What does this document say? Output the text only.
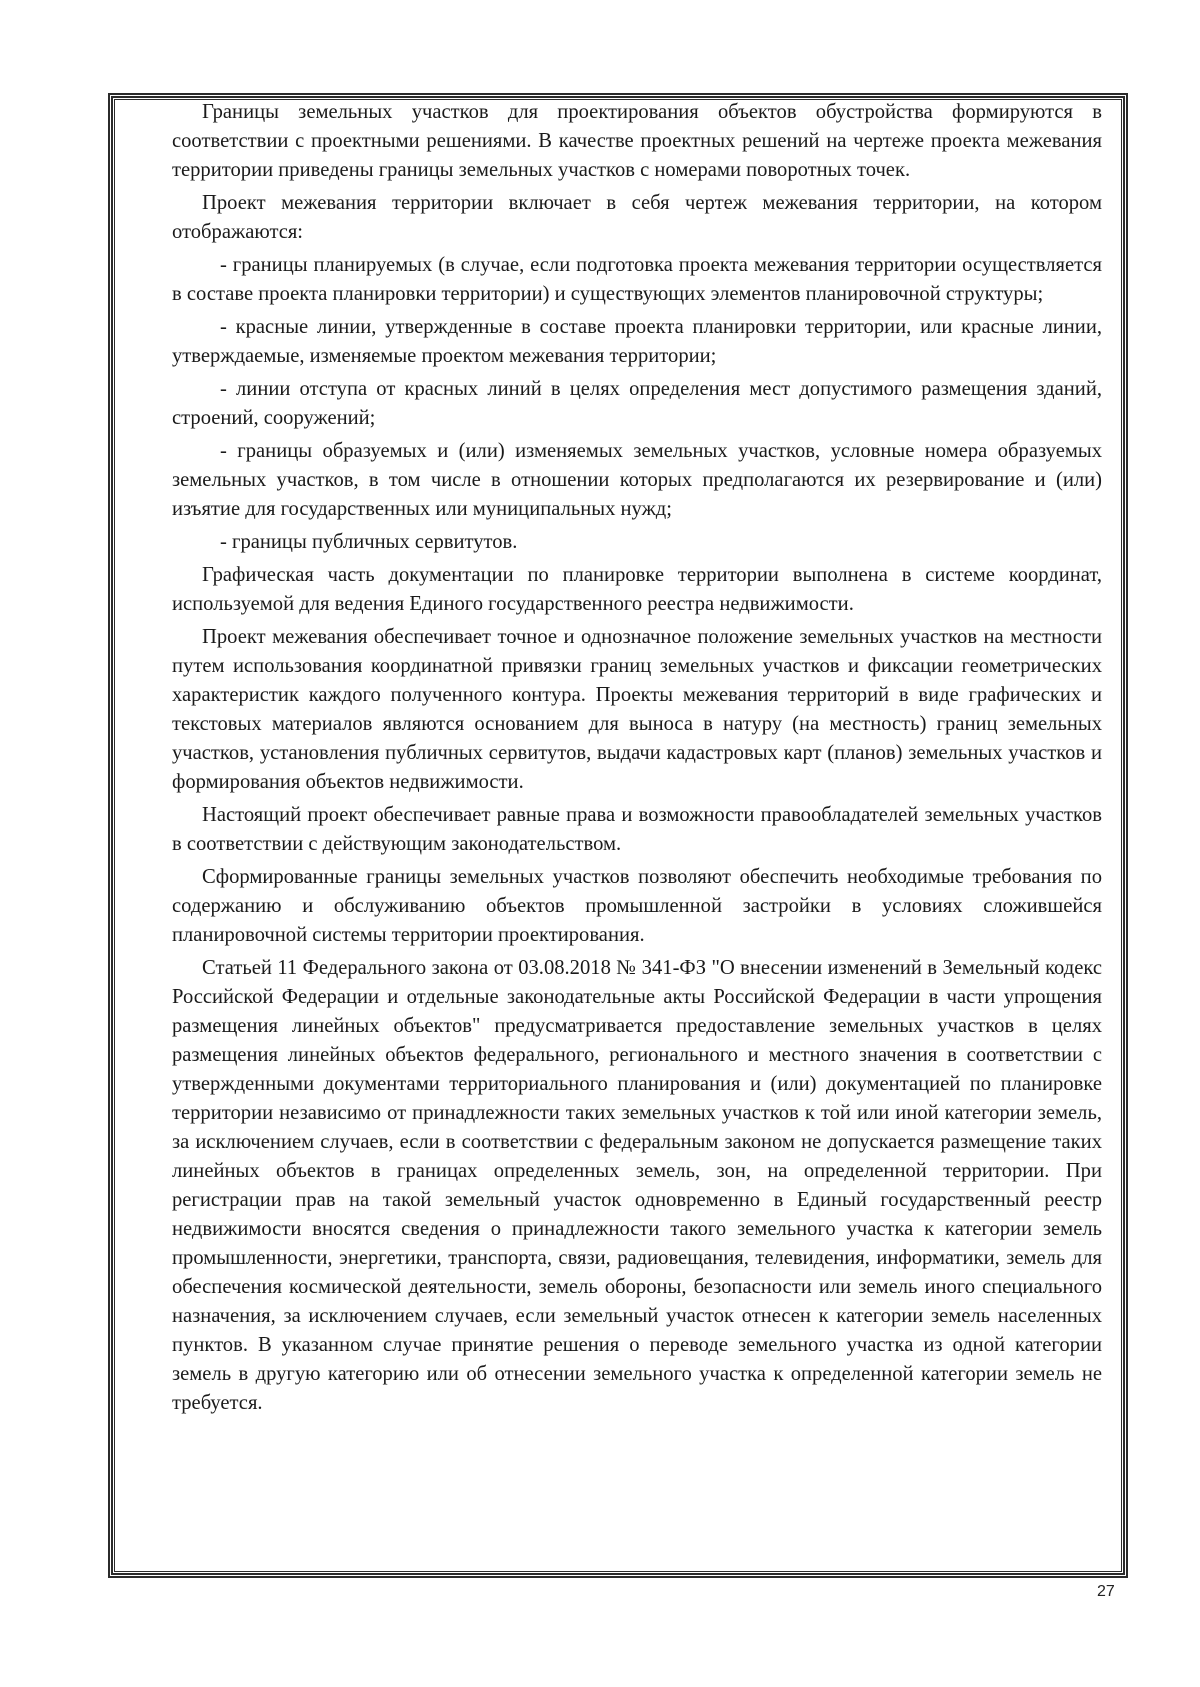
Границы земельных участков для проектирования объектов обустройства формируются в соответствии с проектными решениями. В качестве проектных решений на чертеже проекта межевания территории приведены границы земельных участков с номерами поворотных точек.

Проект межевания территории включает в себя чертеж межевания территории, на котором отображаются:

- границы планируемых (в случае, если подготовка проекта межевания территории осуществляется в составе проекта планировки территории) и существующих элементов планировочной структуры;

- красные линии, утвержденные в составе проекта планировки территории, или красные линии, утверждаемые, изменяемые проектом межевания территории;

- линии отступа от красных линий в целях определения мест допустимого размещения зданий, строений, сооружений;

- границы образуемых и (или) изменяемых земельных участков, условные номера образуемых земельных участков, в том числе в отношении которых предполагаются их резервирование и (или) изъятие для государственных или муниципальных нужд;

- границы публичных сервитутов.

Графическая часть документации по планировке территории выполнена в системе координат, используемой для ведения Единого государственного реестра недвижимости.

Проект межевания обеспечивает точное и однозначное положение земельных участков на местности путем использования координатной привязки границ земельных участков и фиксации геометрических характеристик каждого полученного контура. Проекты межевания территорий в виде графических и текстовых материалов являются основанием для выноса в натуру (на местность) границ земельных участков, установления публичных сервитутов, выдачи кадастровых карт (планов) земельных участков и формирования объектов недвижимости.

Настоящий проект обеспечивает равные права и возможности правообладателей земельных участков в соответствии с действующим законодательством.

Сформированные границы земельных участков позволяют обеспечить необходимые требования по содержанию и обслуживанию объектов промышленной застройки в условиях сложившейся планировочной системы территории проектирования.

Статьей 11 Федерального закона от 03.08.2018 № 341-ФЗ "О внесении изменений в Земельный кодекс Российской Федерации и отдельные законодательные акты Российской Федерации в части упрощения размещения линейных объектов" предусматривается предоставление земельных участков в целях размещения линейных объектов федерального, регионального и местного значения в соответствии с утвержденными документами территориального планирования и (или) документацией по планировке территории независимо от принадлежности таких земельных участков к той или иной категории земель, за исключением случаев, если в соответствии с федеральным законом не допускается размещение таких линейных объектов в границах определенных земель, зон, на определенной территории. При регистрации прав на такой земельный участок одновременно в Единый государственный реестр недвижимости вносятся сведения о принадлежности такого земельного участка к категории земель промышленности, энергетики, транспорта, связи, радиовещания, телевидения, информатики, земель для обеспечения космической деятельности, земель обороны, безопасности или земель иного специального назначения, за исключением случаев, если земельный участок отнесен к категории земель населенных пунктов. В указанном случае принятие решения о переводе земельного участка из одной категории земель в другую категорию или об отнесении земельного участка к определенной категории земель не требуется.

27
